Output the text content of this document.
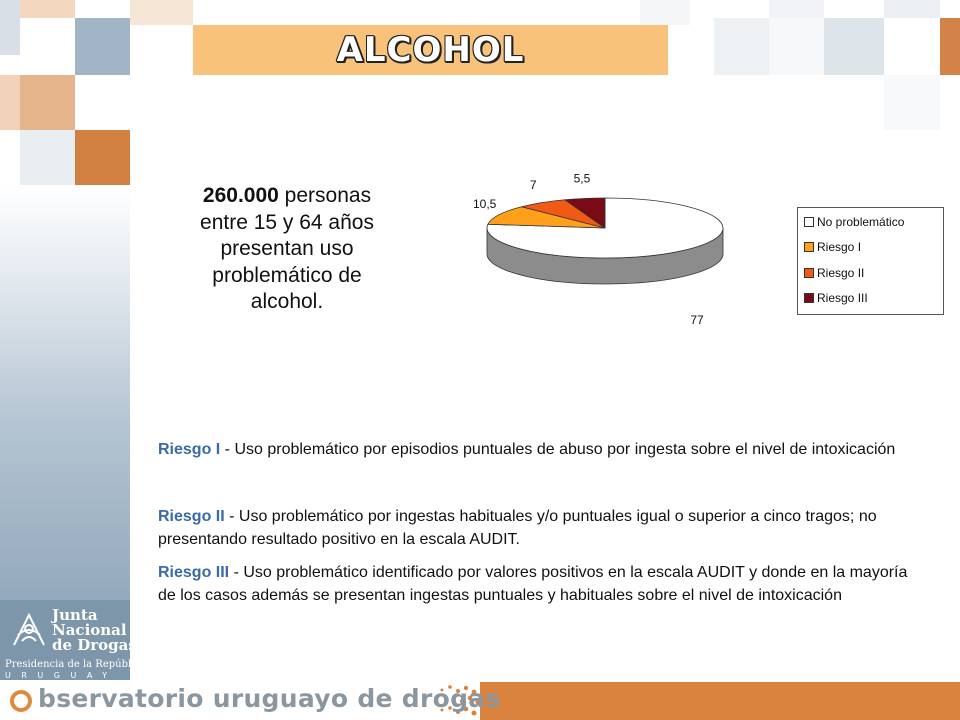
ALCOHOL
260.000 personas entre 15 y 64 años presentan uso problemático de alcohol.
77
10,5
7	5,5
No problemático
Riesgo I
Riesgo II
Riesgo III
Riesgo I - Uso problemático por episodios puntuales de abuso por ingesta sobre el nivel de intoxicación
Riesgo II - Uso problemático por ingestas habituales y/o puntuales igual o superior a cinco tragos; no presentando resultado positivo en la escala AUDIT.
Riesgo III - Uso problemático identificado por valores positivos en la escala AUDIT y donde en la mayoría de los casos además se presentan ingestas puntuales y habituales sobre el nivel de intoxicación
Junta
Nacional
de Drogas
Presidencia de la República
URUGUAY
bservatorio uruguayo de drogas
